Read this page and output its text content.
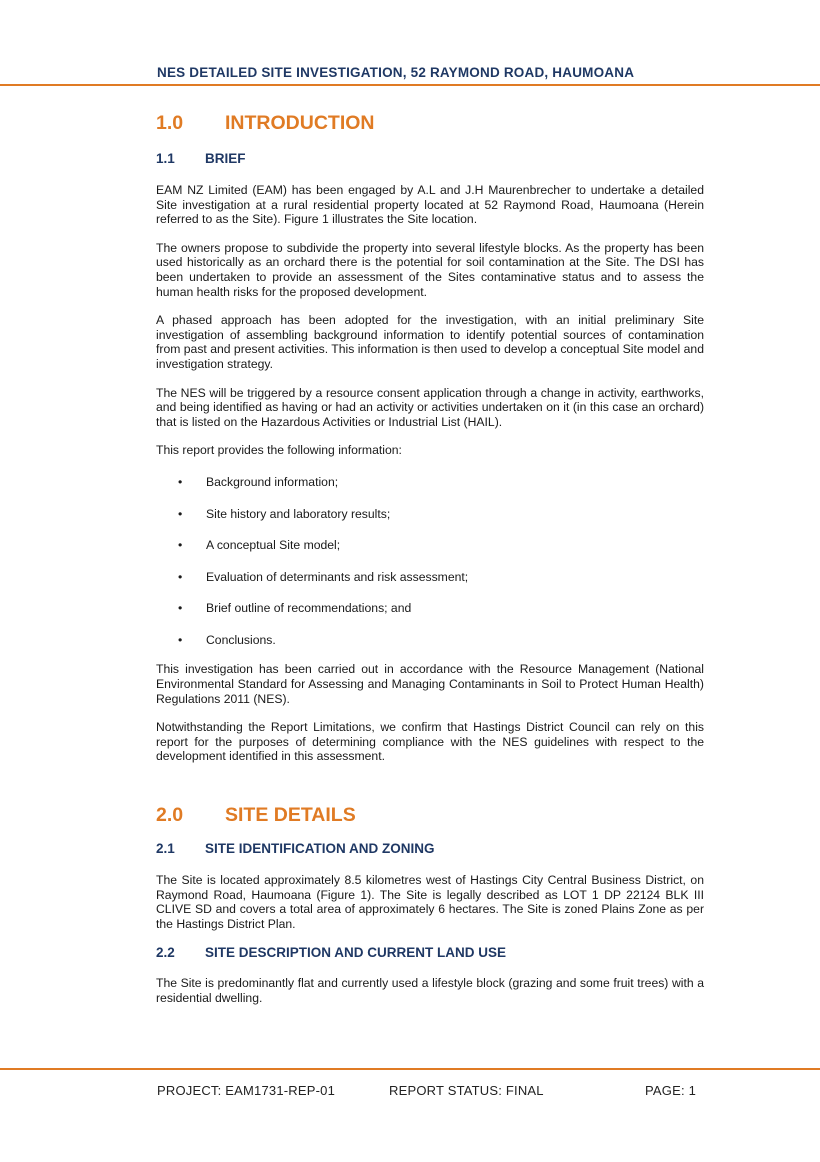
NES DETAILED SITE INVESTIGATION, 52 RAYMOND ROAD, HAUMOANA
1.0	INTRODUCTION
1.1	BRIEF

EAM NZ Limited (EAM) has been engaged by A.L and J.H Maurenbrecher to undertake a detailed Site investigation at a rural residential property located at 52 Raymond Road, Haumoana (Herein referred to as the Site). Figure 1 illustrates the Site location.

The owners propose to subdivide the property into several lifestyle blocks. As the property has been used historically as an orchard there is the potential for soil contamination at the Site. The DSI has been undertaken to provide an assessment of the Sites contaminative status and to assess the human health risks for the proposed development.

A phased approach has been adopted for the investigation, with an initial preliminary Site investigation of assembling background information to identify potential sources of contamination from past and present activities. This information is then used to develop a conceptual Site model and investigation strategy.

The NES will be triggered by a resource consent application through a change in activity, earthworks, and being identified as having or had an activity or activities undertaken on it (in this case an orchard) that is listed on the Hazardous Activities or Industrial List (HAIL).

This report provides the following information:

• Background information;
• Site history and laboratory results;
• A conceptual Site model;
• Evaluation of determinants and risk assessment;
• Brief outline of recommendations; and
• Conclusions.

This investigation has been carried out in accordance with the Resource Management (National Environmental Standard for Assessing and Managing Contaminants in Soil to Protect Human Health) Regulations 2011 (NES).

Notwithstanding the Report Limitations, we confirm that Hastings District Council can rely on this report for the purposes of determining compliance with the NES guidelines with respect to the development identified in this assessment.

2.0	SITE DETAILS
2.1	SITE IDENTIFICATION AND ZONING

The Site is located approximately 8.5 kilometres west of Hastings City Central Business District, on Raymond Road, Haumoana (Figure 1). The Site is legally described as LOT 1 DP 22124 BLK III CLIVE SD and covers a total area of approximately 6 hectares. The Site is zoned Plains Zone as per the Hastings District Plan.

2.2	SITE DESCRIPTION AND CURRENT LAND USE

The Site is predominantly flat and currently used a lifestyle block (grazing and some fruit trees) with a residential dwelling.

PROJECT: EAM1731-REP-01	REPORT STATUS: FINAL	PAGE: 1
